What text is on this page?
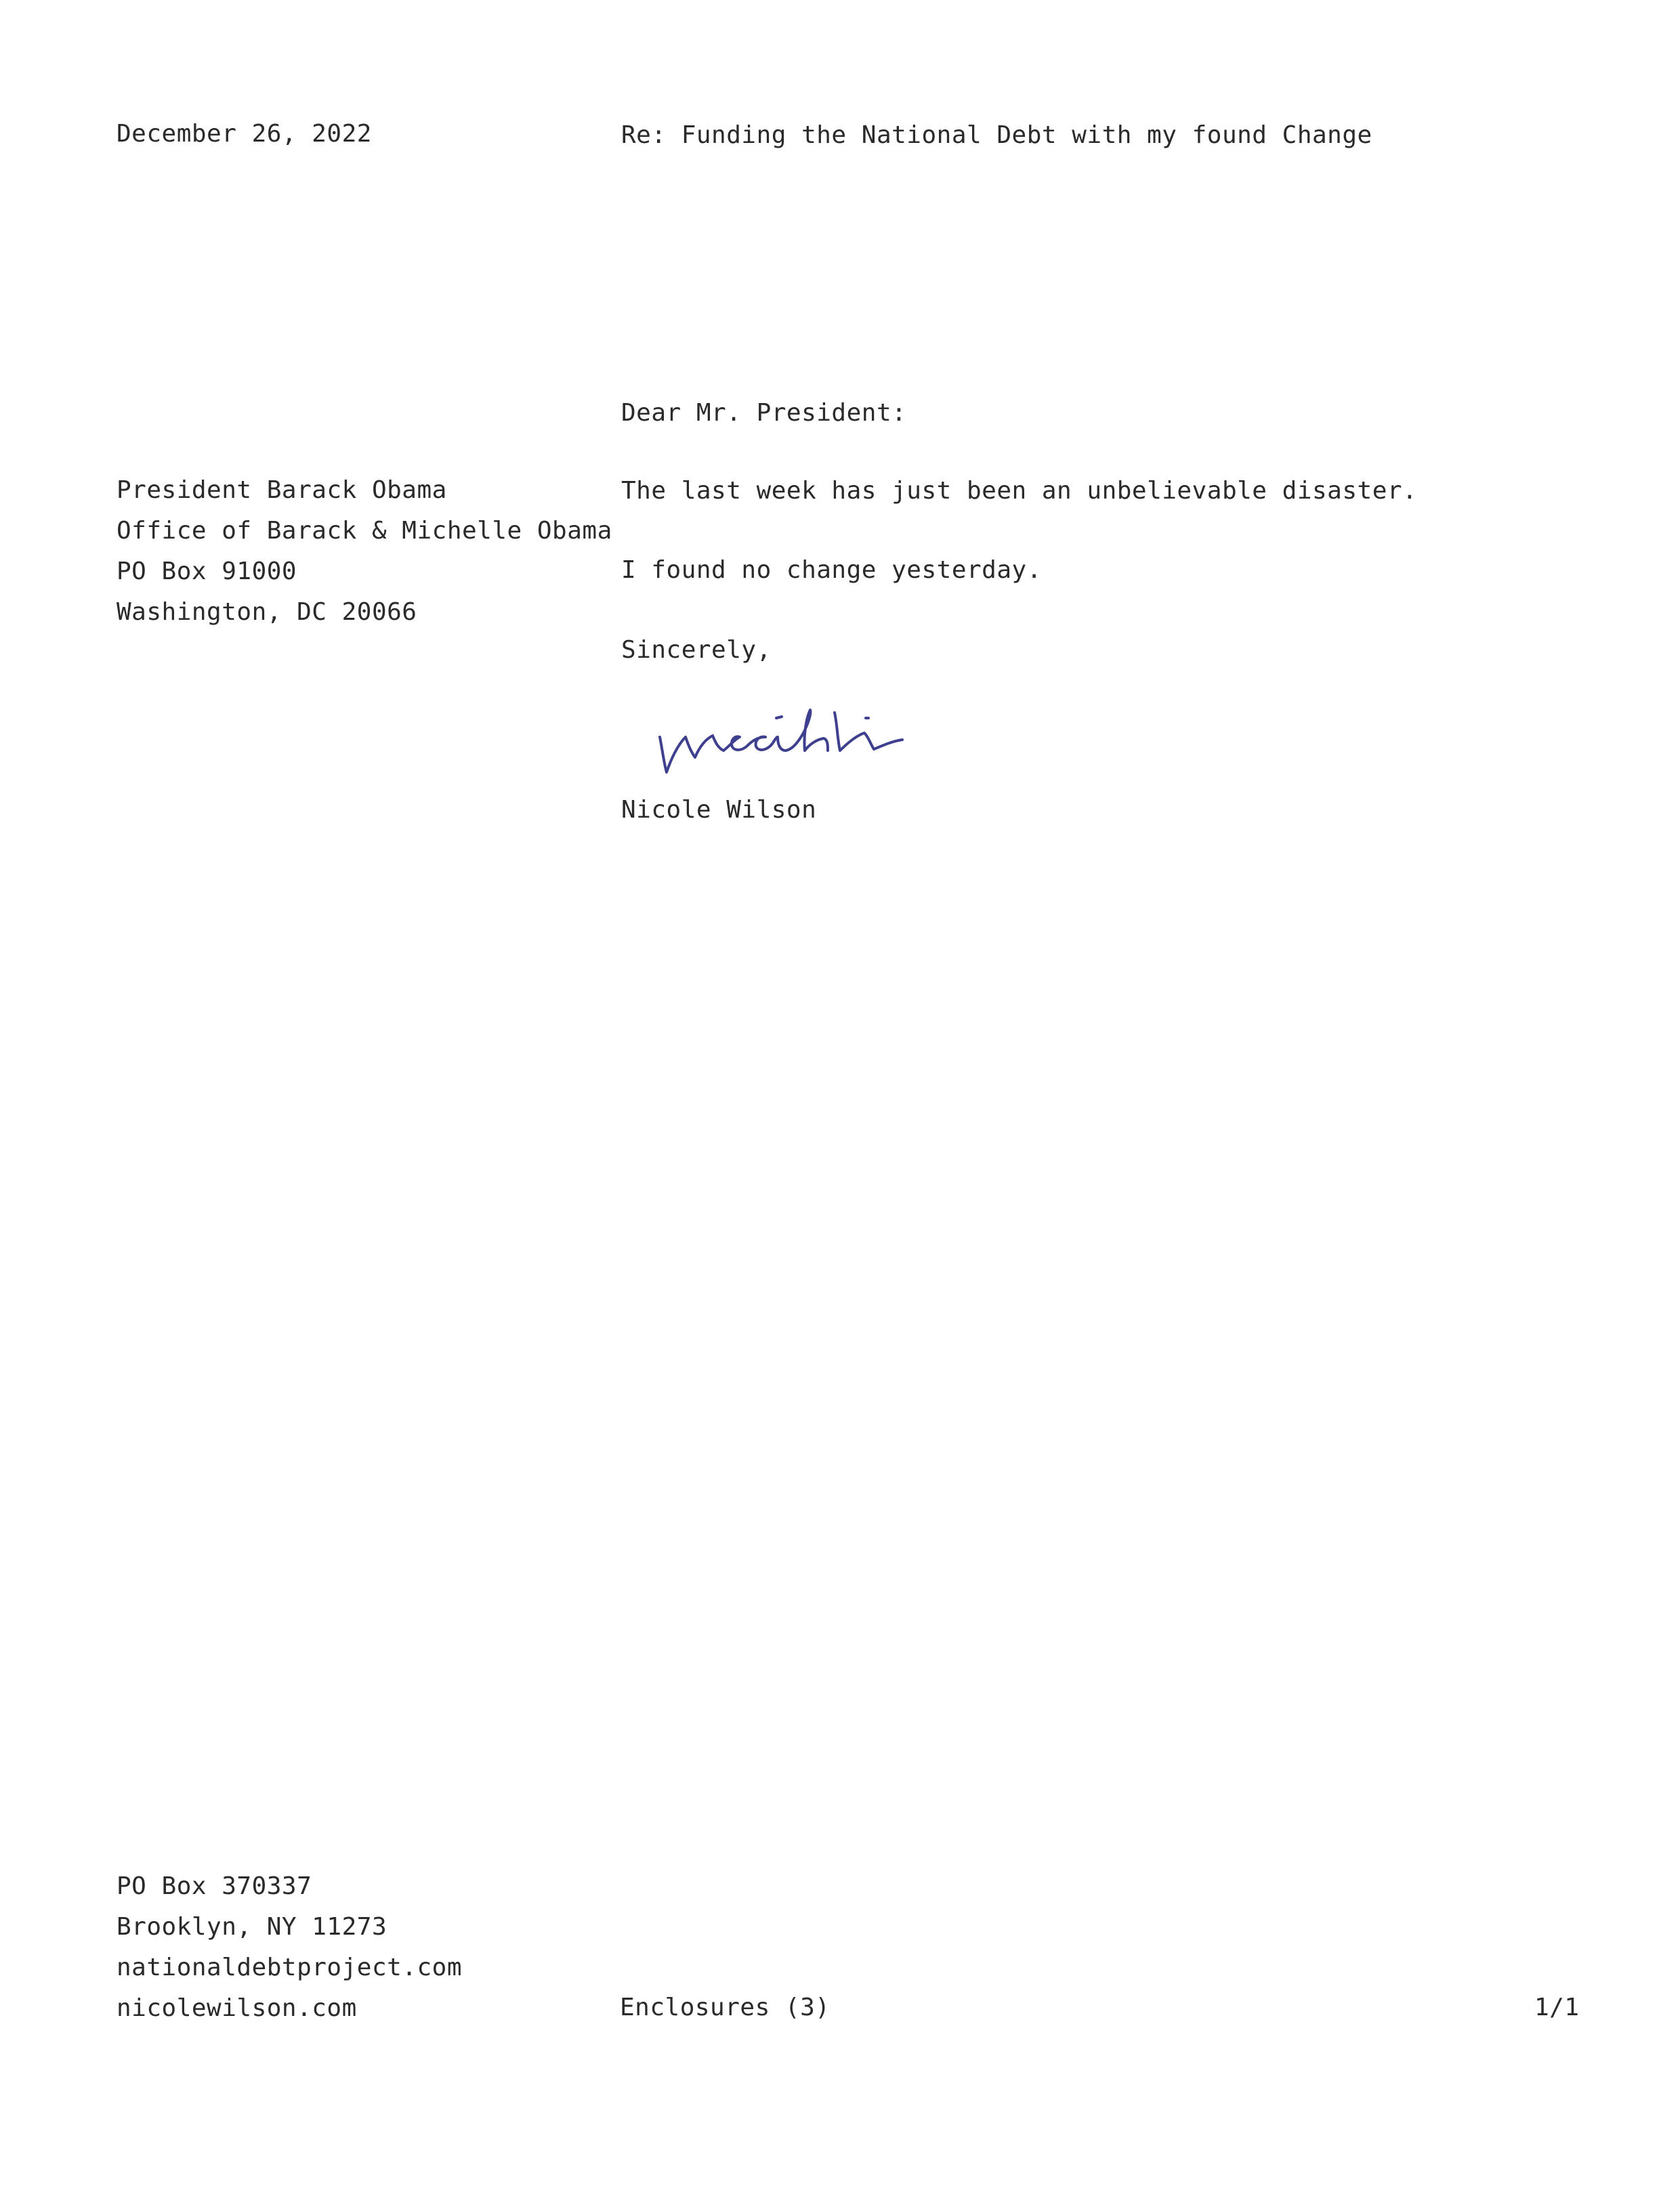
December 26, 2022	Re: Funding the National Debt with my found Change
Dear Mr. President:
President Barack Obama
Office of Barack & Michelle Obama
PO Box 91000
Washington, DC 20066
The last week has just been an unbelievable disaster.
I found no change yesterday.
Sincerely,
Nicole Wilson
PO Box 370337
Brooklyn, NY 11273
nationaldebtproject.com
nicolewilson.com	Enclosures (3)	1/1
